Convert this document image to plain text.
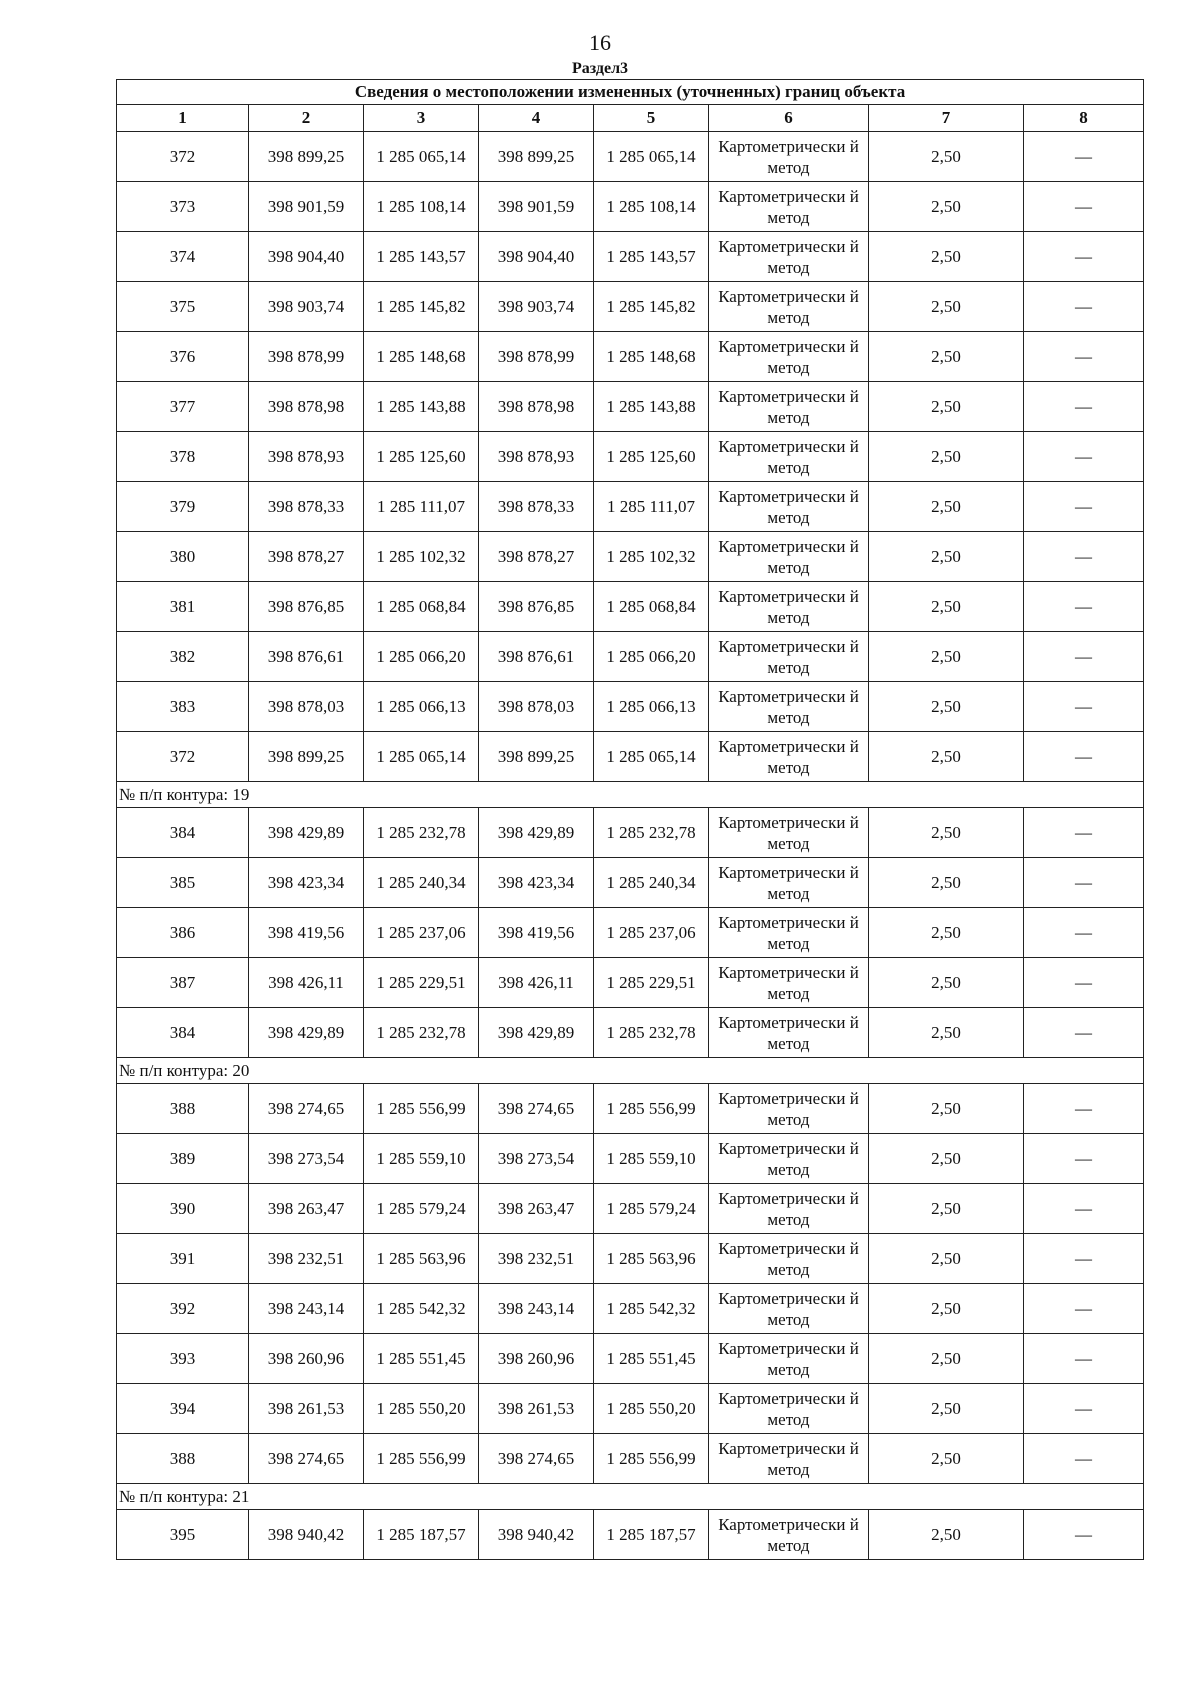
16
Раздел3
Сведения о местоположении измененных (уточненных) границ объекта							
1	2	3	4	5	6	7	8
372	398 899,25	1 285 065,14	398 899,25	1 285 065,14	Картометрически й метод	2,50	—
373	398 901,59	1 285 108,14	398 901,59	1 285 108,14	Картометрически й метод	2,50	—
374	398 904,40	1 285 143,57	398 904,40	1 285 143,57	Картометрически й метод	2,50	—
375	398 903,74	1 285 145,82	398 903,74	1 285 145,82	Картометрически й метод	2,50	—
376	398 878,99	1 285 148,68	398 878,99	1 285 148,68	Картометрически й метод	2,50	—
377	398 878,98	1 285 143,88	398 878,98	1 285 143,88	Картометрически й метод	2,50	—
378	398 878,93	1 285 125,60	398 878,93	1 285 125,60	Картометрически й метод	2,50	—
379	398 878,33	1 285 111,07	398 878,33	1 285 111,07	Картометрически й метод	2,50	—
380	398 878,27	1 285 102,32	398 878,27	1 285 102,32	Картометрически й метод	2,50	—
381	398 876,85	1 285 068,84	398 876,85	1 285 068,84	Картометрически й метод	2,50	—
382	398 876,61	1 285 066,20	398 876,61	1 285 066,20	Картометрически й метод	2,50	—
383	398 878,03	1 285 066,13	398 878,03	1 285 066,13	Картометрически й метод	2,50	—
372	398 899,25	1 285 065,14	398 899,25	1 285 065,14	Картометрически й метод	2,50	—
№ п/п контура: 19							
384	398 429,89	1 285 232,78	398 429,89	1 285 232,78	Картометрически й метод	2,50	—
385	398 423,34	1 285 240,34	398 423,34	1 285 240,34	Картометрически й метод	2,50	—
386	398 419,56	1 285 237,06	398 419,56	1 285 237,06	Картометрически й метод	2,50	—
387	398 426,11	1 285 229,51	398 426,11	1 285 229,51	Картометрически й метод	2,50	—
384	398 429,89	1 285 232,78	398 429,89	1 285 232,78	Картометрически й метод	2,50	—
№ п/п контура: 20							
388	398 274,65	1 285 556,99	398 274,65	1 285 556,99	Картометрически й метод	2,50	—
389	398 273,54	1 285 559,10	398 273,54	1 285 559,10	Картометрически й метод	2,50	—
390	398 263,47	1 285 579,24	398 263,47	1 285 579,24	Картометрически й метод	2,50	—
391	398 232,51	1 285 563,96	398 232,51	1 285 563,96	Картометрически й метод	2,50	—
392	398 243,14	1 285 542,32	398 243,14	1 285 542,32	Картометрически й метод	2,50	—
393	398 260,96	1 285 551,45	398 260,96	1 285 551,45	Картометрически й метод	2,50	—
394	398 261,53	1 285 550,20	398 261,53	1 285 550,20	Картометрически й метод	2,50	—
388	398 274,65	1 285 556,99	398 274,65	1 285 556,99	Картометрически й метод	2,50	—
№ п/п контура: 21							
395	398 940,42	1 285 187,57	398 940,42	1 285 187,57	Картометрически й метод	2,50	—
